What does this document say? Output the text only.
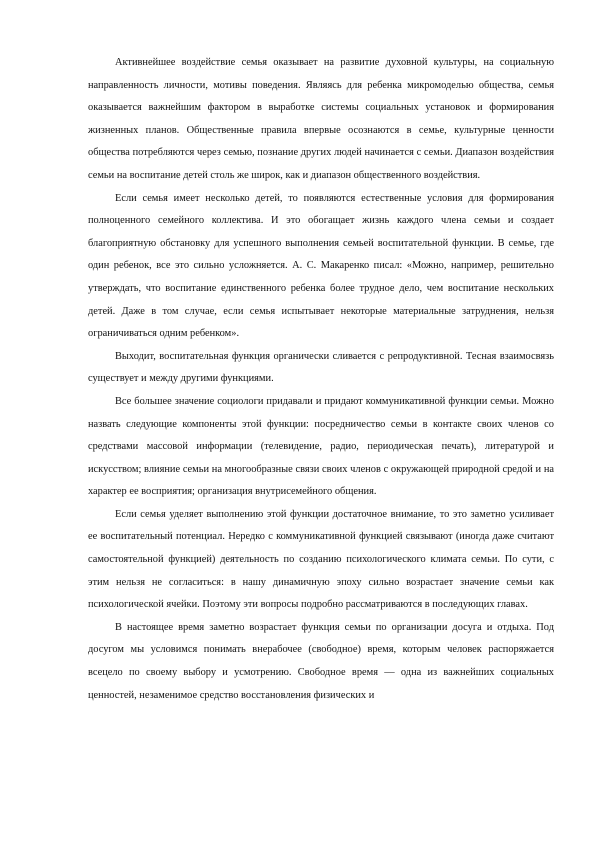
Активнейшее воздействие семья оказывает на развитие духовной культуры, на социальную направленность личности, мотивы поведения. Являясь для ребенка микромоделью общества, семья оказывается важнейшим фактором в выработке системы социальных установок и формирования жизненных планов. Общественные правила впервые осознаются в семье, культурные ценности общества потребляются через семью, познание других людей начинается с семьи. Диапазон воздействия семьи на воспитание детей столь же широк, как и диапазон общественного воздействия.

Если семья имеет несколько детей, то появляются естественные условия для формирования полноценного семейного коллектива. И это обогащает жизнь каждого члена семьи и создает благоприятную обстановку для успешного выполнения семьей воспитательной функции. В семье, где один ребенок, все это сильно усложняется. А. С. Макаренко писал: «Можно, например, решительно утверждать, что воспитание единственного ребенка более трудное дело, чем воспитание нескольких детей. Даже в том случае, если семья испытывает некоторые материальные затруднения, нельзя ограничиваться одним ребенком».

Выходит, воспитательная функция органически сливается с репродуктивной. Тесная взаимосвязь существует и между другими функциями.

Все большее значение социологи придавали и придают коммуникативной функции семьи. Можно назвать следующие компоненты этой функции: посредничество семьи в контакте своих членов со средствами массовой информации (телевидение, радио, периодическая печать), литературой и искусством; влияние семьи на многообразные связи своих членов с окружающей природной средой и на характер ее восприятия; организация внутрисемейного общения.

Если семья уделяет выполнению этой функции достаточное внимание, то это заметно усиливает ее воспитательный потенциал. Нередко с коммуникативной функцией связывают (иногда даже считают самостоятельной функцией) деятельность по созданию психологического климата семьи. По сути, с этим нельзя не согласиться: в нашу динамичную эпоху сильно возрастает значение семьи как психологической ячейки. Поэтому эти вопросы подробно рассматриваются в последующих главах.

В настоящее время заметно возрастает функция семьи по организации досуга и отдыха. Под досугом мы условимся понимать внерабочее (свободное) время, которым человек распоряжается всецело по своему выбору и усмотрению. Свободное время — одна из важнейших социальных ценностей, незаменимое средство восстановления физических и
